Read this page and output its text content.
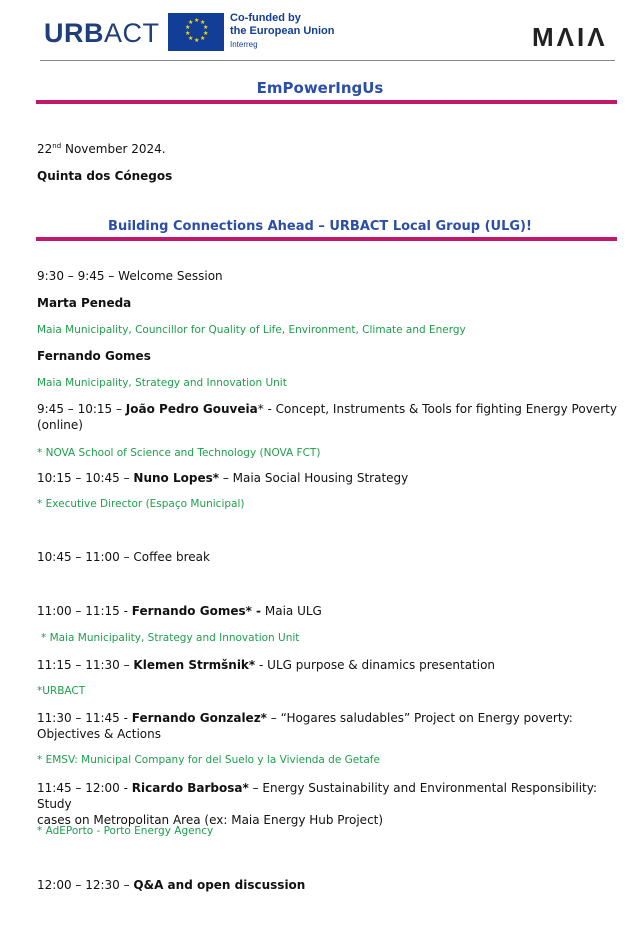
URBACT	★ ★
★
★
★
★
★
★
★
★	Co-funded by
the European Union
Interreg	MΛIΛ
EmPowerIngUs
22nd November 2024.
Quinta dos Cónegos
Building Connections Ahead – URBACT Local Group (ULG)!
9:30 – 9:45 – Welcome Session
Marta Peneda
Maia Municipality, Councillor for Quality of Life, Environment, Climate and Energy
Fernando Gomes
Maia Municipality, Strategy and Innovation Unit
9:45 – 10:15 – João Pedro Gouveia* - Concept, Instruments & Tools for fighting Energy Poverty
(online)
* NOVA School of Science and Technology (NOVA FCT)
10:15 – 10:45 – Nuno Lopes* – Maia Social Housing Strategy
* Executive Director (Espaço Municipal)
10:45 – 11:00 – Coffee break
11:00 – 11:15 - Fernando Gomes* - Maia ULG
* Maia Municipality, Strategy and Innovation Unit
11:15 – 11:30 – Klemen Strmšnik* - ULG purpose & dinamics presentation
*URBACT
11:30 – 11:45 - Fernando Gonzalez* – “Hogares saludables” Project on Energy poverty:
Objectives & Actions
* EMSV: Municipal Company for del Suelo y la Vivienda de Getafe
11:45 – 12:00 - Ricardo Barbosa* – Energy Sustainability and Environmental Responsibility: Study
cases on Metropolitan Area (ex: Maia Energy Hub Project)
* AdEPorto - Porto Energy Agency
12:00 – 12:30 – Q&A and open discussion
